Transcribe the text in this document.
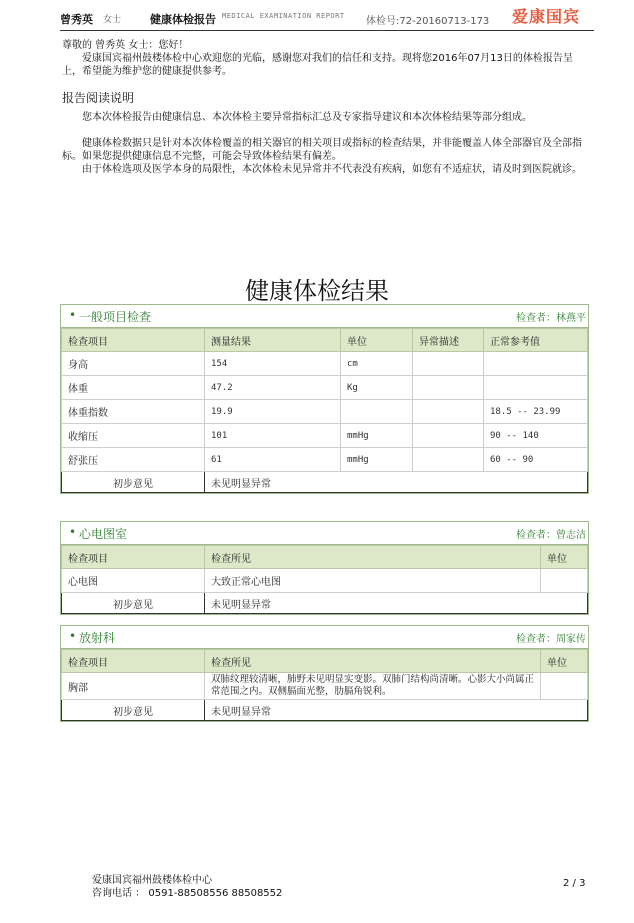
曾秀英 女士	健康体检报告 MEDICAL EXAMINATION REPORT 体检号:72-20160713-173 爱康国宾
尊敬的 曾秀英 女士：您好！
爱康国宾福州鼓楼体检中心欢迎您的光临，感谢您对我们的信任和支持。现将您2016年07月13日的体检报告呈上，希望能为维护您的健康提供参考。
报告阅读说明
您本次体检报告由健康信息、本次体检主要异常指标汇总及专家指导建议和本次体检结果等部分组成。
健康体检数据只是针对本次体检覆盖的相关器官的相关项目或指标的检查结果，并非能覆盖人体全部器官及全部指标。如果您提供健康信息不完整，可能会导致体检结果有偏差。
由于体检选项及医学本身的局限性，本次体检未见异常并不代表没有疾病，如您有不适症状，请及时到医院就诊。
健康体检结果
• 一般项目检查	检查者：林燕平
检查项目	测量结果	单位	异常描述	正常参考值
身高	154	cm		
体重	47.2	Kg		
体重指数	19.9			18.5 -- 23.99
收缩压	101	mmHg		90 -- 140
舒张压	61	mmHg		60 -- 90
初步意见	未见明显异常			
• 心电图室	检查者：曾志洁
检查项目	检查所见	单位
心电图	大致正常心电图	
初步意见	未见明显异常	
• 放射科	检查者：周家传
检查项目	检查所见	单位
胸部	双肺纹理较清晰，肺野未见明显实变影。双肺门结构尚清晰。心影大小尚属正常范围之内。双侧膈面光整，肋膈角锐利。	
初步意见	未见明显异常	
爱康国宾福州鼓楼体检中心
咨询电话 ： 0591-88508556 88508552
2 / 3
